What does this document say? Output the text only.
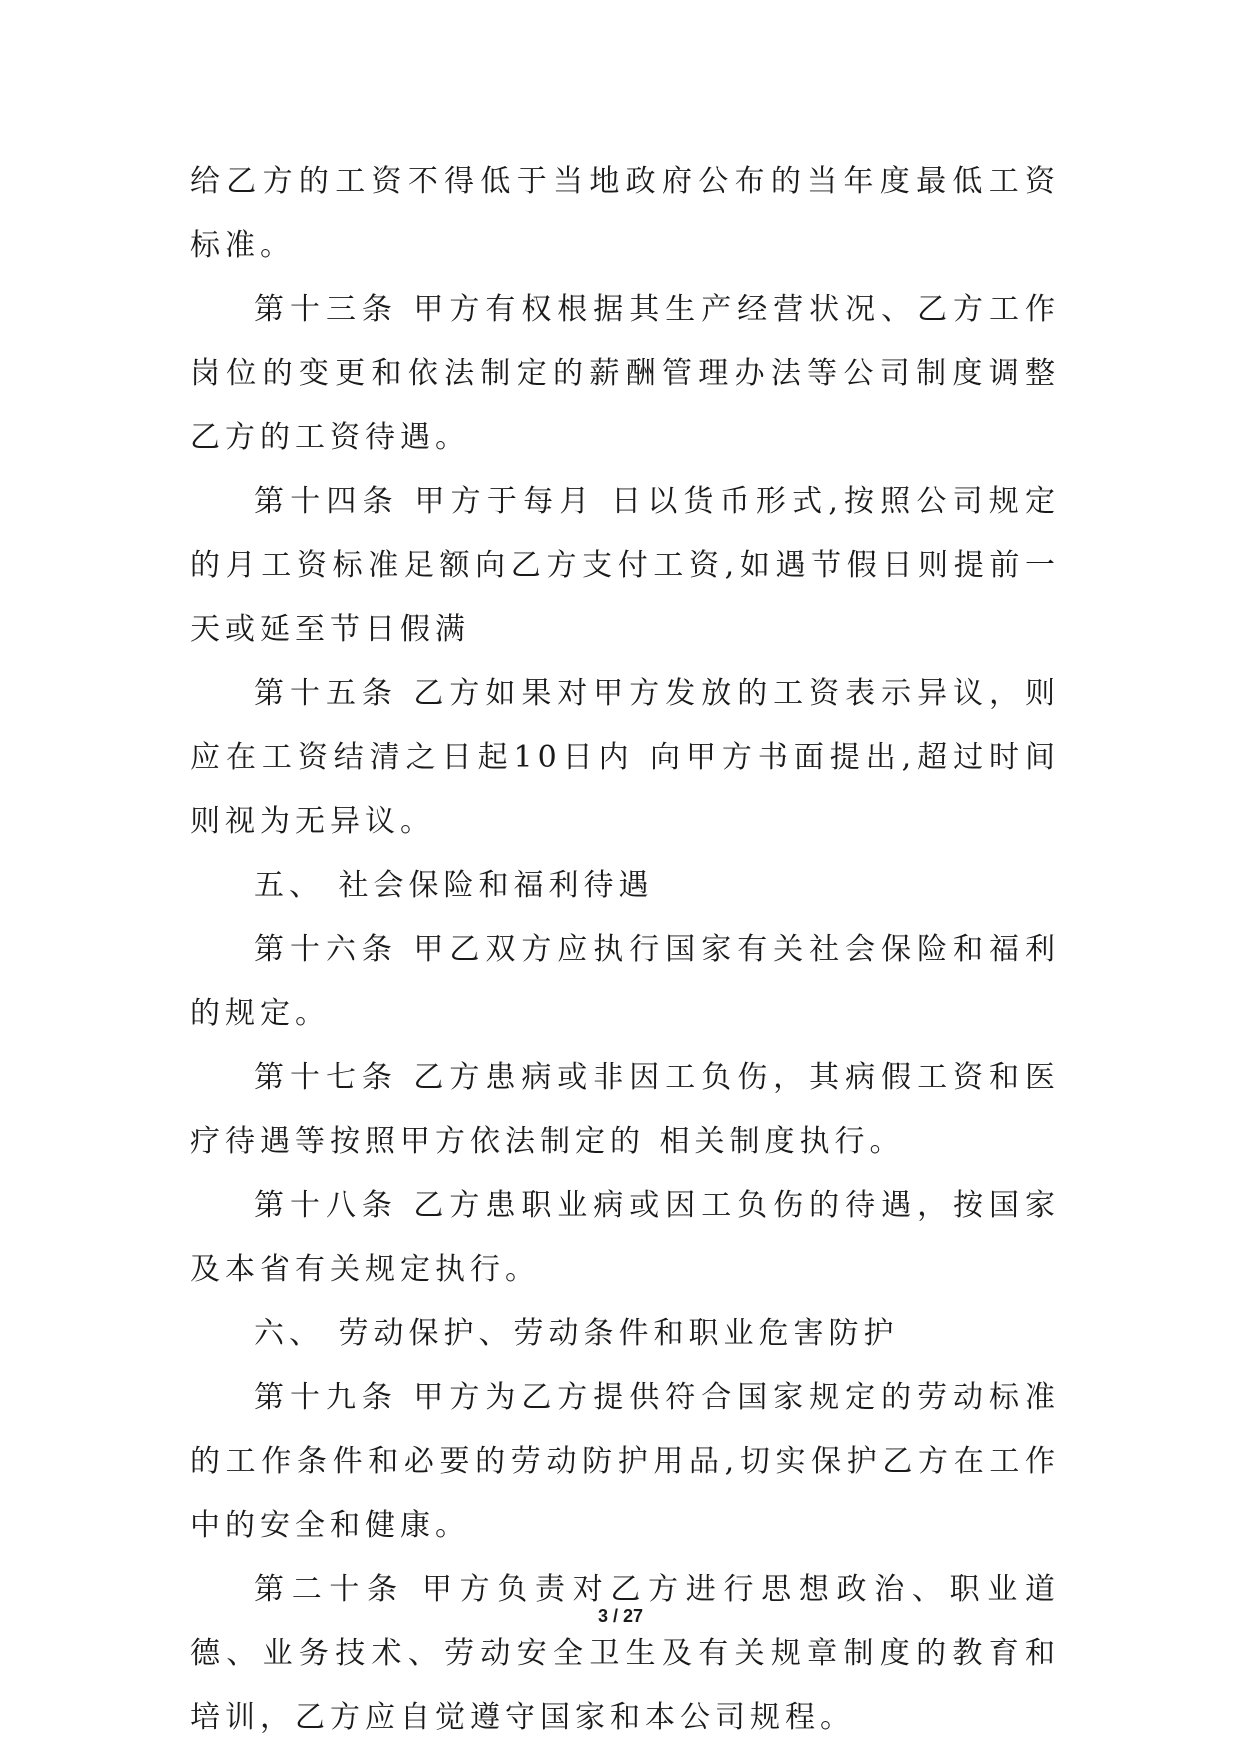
给乙方的工资不得低于当地政府公布的当年度最低工资标准。

第十三条 甲方有权根据其生产经营状况、乙方工作岗位的变更和依法制定的薪酬管理办法等公司制度调整乙方的工资待遇。

第十四条 甲方于每月 日以货币形式,按照公司规定的月工资标准足额向乙方支付工资,如遇节假日则提前一天或延至节日假满

第十五条 乙方如果对甲方发放的工资表示异议，则应在工资结清之日起10日内 向甲方书面提出,超过时间则视为无异议。

五、 社会保险和福利待遇

第十六条 甲乙双方应执行国家有关社会保险和福利的规定。

第十七条 乙方患病或非因工负伤，其病假工资和医疗待遇等按照甲方依法制定的 相关制度执行。

第十八条 乙方患职业病或因工负伤的待遇，按国家及本省有关规定执行。

六、 劳动保护、劳动条件和职业危害防护

第十九条 甲方为乙方提供符合国家规定的劳动标准的工作条件和必要的劳动防护用品,切实保护乙方在工作中的安全和健康。

第二十条 甲方负责对乙方进行思想政治、职业道德、业务技术、劳动安全卫生及有关规章制度的教育和培训，乙方应自觉遵守国家和本公司规程。

3 / 27
